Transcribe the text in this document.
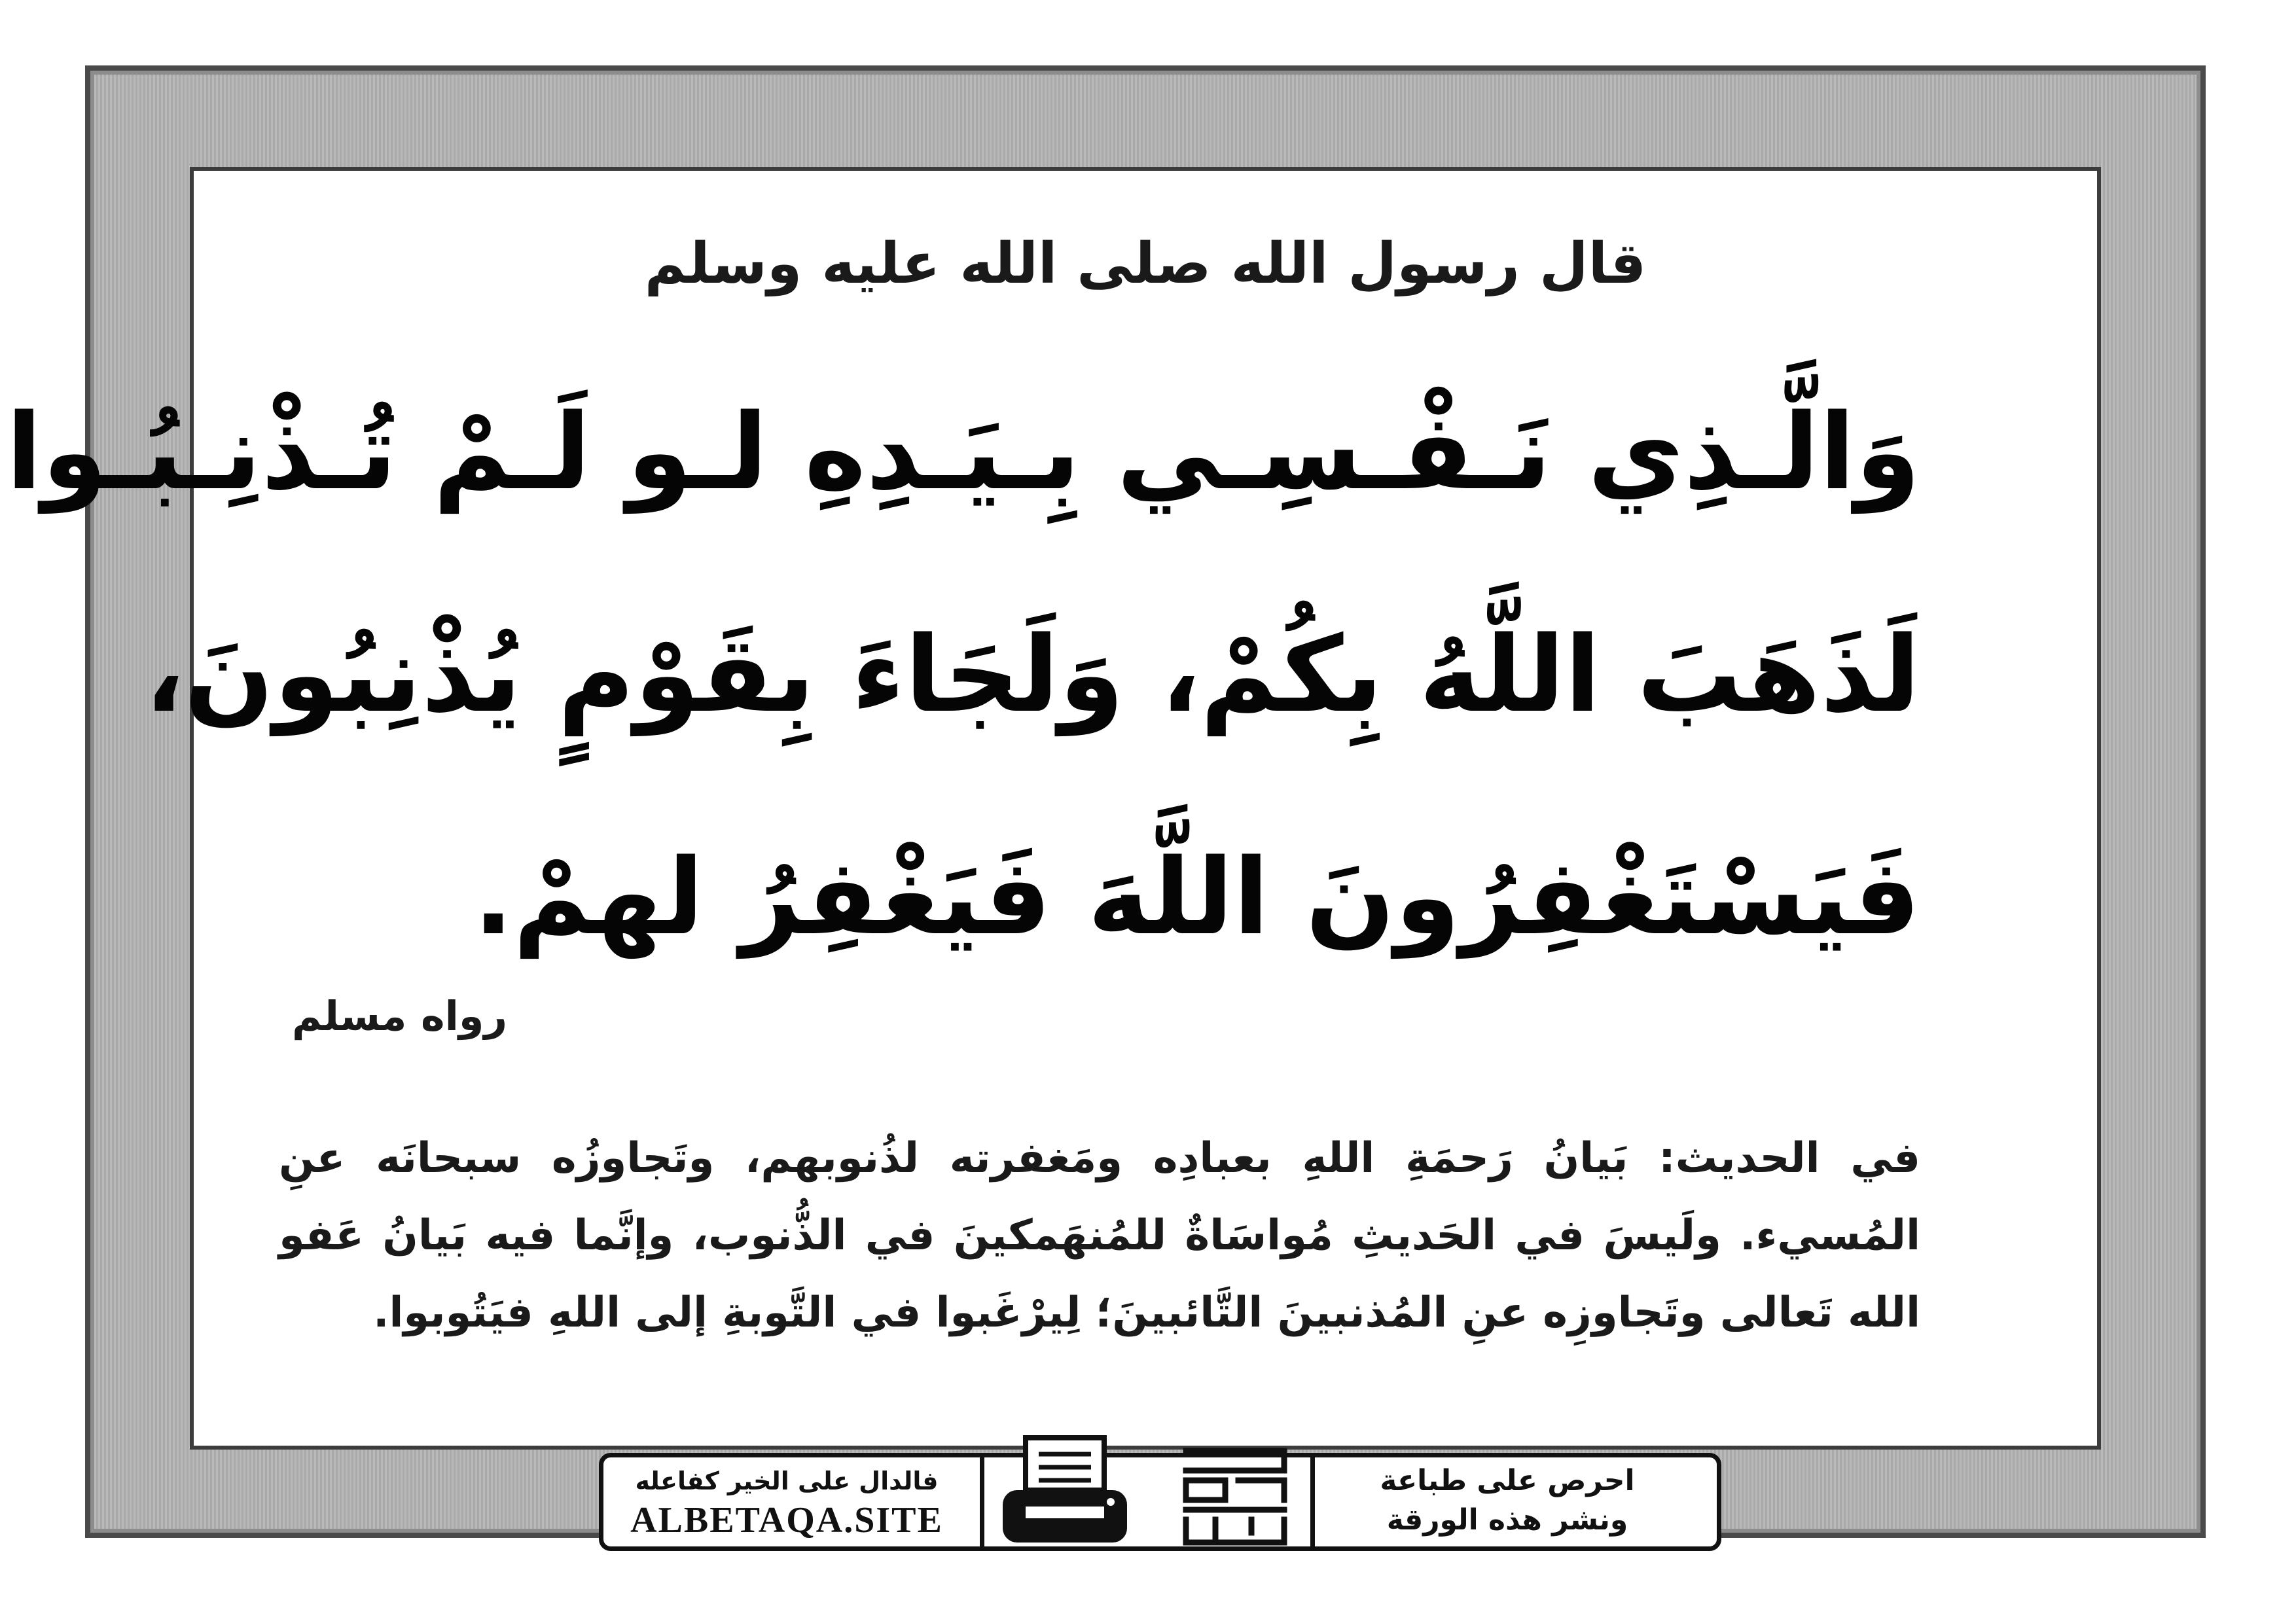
قال رسول الله صلى الله عليه وسلم
وَالَّـذِي نَـفْـسِـي بِـيَـدِهِ لـو لَـمْ تُـذْنِـبُـوا
لَذَهَبَ اللَّهُ بِكُمْ، وَلَجَاءَ بِقَوْمٍ يُذْنِبُونَ،
فَيَسْتَغْفِرُونَ اللَّهَ فَيَغْفِرُ لهمْ.
رواه مسلم
في الحديث: بَيانُ رَحمَةِ اللهِ بعبادِه ومَغفرته لذُنوبهم، وتَجاوزُه سبحانَه عنِ المُسيء. ولَيسَ في الحَديثِ مُواسَاةٌ للمُنهَمكينَ في الذُّنوب، وإنَّما فيه بَيانُ عَفو الله تَعالى وتَجاوزِه عنِ المُذنبينَ التَّائبينَ؛ لِيرْغَبوا في التَّوبةِ إلى اللهِ فيَتُوبوا.
فالدال على الخير كفاعله
ALBETAQA.SITE
احرص على طباعة
ونشر هذه الورقة
